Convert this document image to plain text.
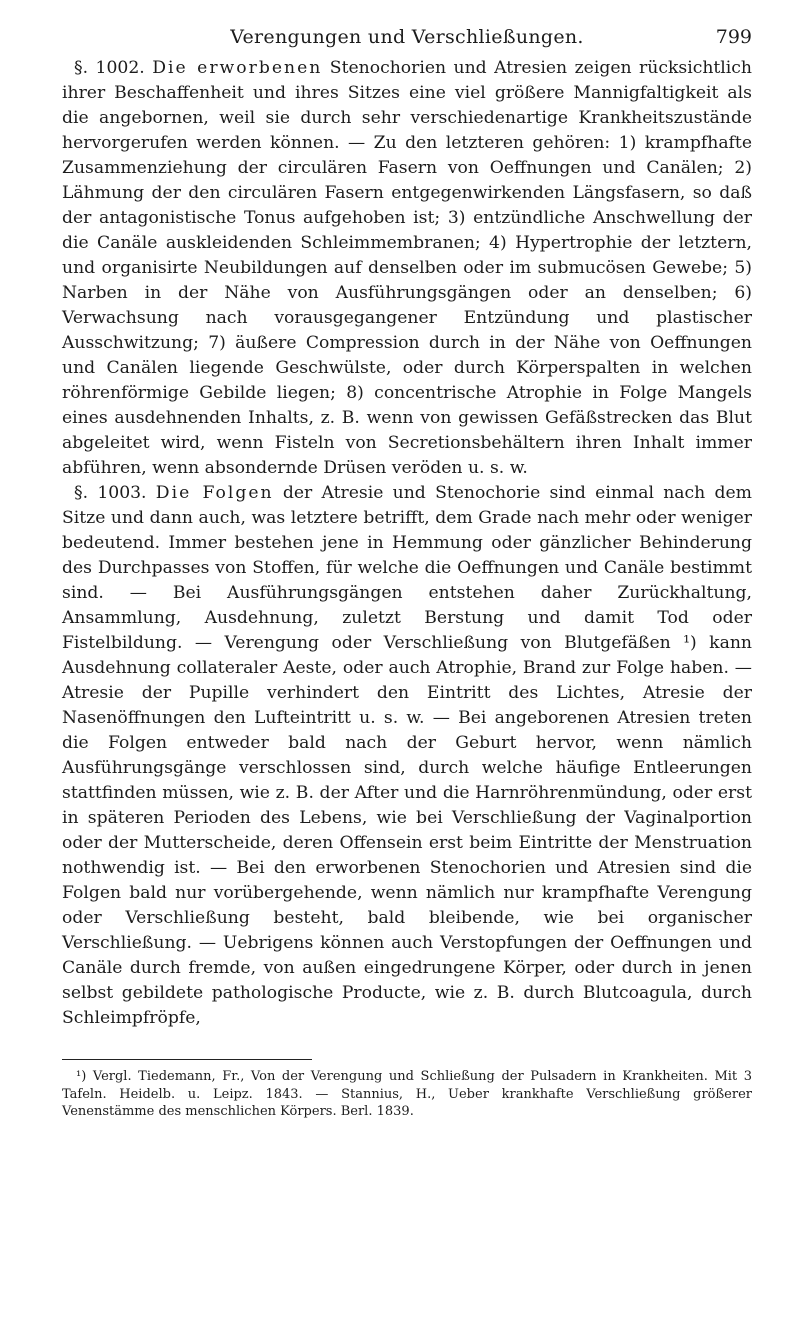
Verengungen und Verschließungen.	799

§. 1002. Die erworbenen Stenochorien und Atresien zeigen rücksichtlich ihrer Beschaffenheit und ihres Sitzes eine viel größere Mannigfaltigkeit als die angebornen, weil sie durch sehr verschiedenartige Krankheitszustände hervorgerufen werden können. — Zu den letzteren gehören: 1) krampfhafte Zusammenziehung der circulären Fasern von Oeffnungen und Canälen; 2) Lähmung der den circulären Fasern entgegenwirkenden Längsfasern, so daß der antagonistische Tonus aufgehoben ist; 3) entzündliche Anschwellung der die Canäle auskleidenden Schleimmembranen; 4) Hypertrophie der letztern, und organisirte Neubildungen auf denselben oder im submucösen Gewebe; 5) Narben in der Nähe von Ausführungsgängen oder an denselben; 6) Verwachsung nach vorausgegangener Entzündung und plastischer Ausschwitzung; 7) äußere Compression durch in der Nähe von Oeffnungen und Canälen liegende Geschwülste, oder durch Körperspalten in welchen röhrenförmige Gebilde liegen; 8) concentrische Atrophie in Folge Mangels eines ausdehnenden Inhalts, z. B. wenn von gewissen Gefäßstrecken das Blut abgeleitet wird, wenn Fisteln von Secretionsbehältern ihren Inhalt immer abführen, wenn absondernde Drüsen veröden u. s. w.

§. 1003. Die Folgen der Atresie und Stenochorie sind einmal nach dem Sitze und dann auch, was letztere betrifft, dem Grade nach mehr oder weniger bedeutend. Immer bestehen jene in Hemmung oder gänzlicher Behinderung des Durchpasses von Stoffen, für welche die Oeffnungen und Canäle bestimmt sind. — Bei Ausführungsgängen entstehen daher Zurückhaltung, Ansammlung, Ausdehnung, zuletzt Berstung und damit Tod oder Fistelbildung. — Verengung oder Verschließung von Blutgefäßen ¹) kann Ausdehnung collateraler Aeste, oder auch Atrophie, Brand zur Folge haben. — Atresie der Pupille verhindert den Eintritt des Lichtes, Atresie der Nasenöffnungen den Lufteintritt u. s. w. — Bei angeborenen Atresien treten die Folgen entweder bald nach der Geburt hervor, wenn nämlich Ausführungsgänge verschlossen sind, durch welche häufige Entleerungen stattfinden müssen, wie z. B. der After und die Harnröhrenmündung, oder erst in späteren Perioden des Lebens, wie bei Verschließung der Vaginalportion oder der Mutterscheide, deren Offensein erst beim Eintritte der Menstruation nothwendig ist. — Bei den erworbenen Stenochorien und Atresien sind die Folgen bald nur vorübergehende, wenn nämlich nur krampfhafte Verengung oder Verschließung besteht, bald bleibende, wie bei organischer Verschließung. — Uebrigens können auch Verstopfungen der Oeffnungen und Canäle durch fremde, von außen eingedrungene Körper, oder durch in jenen selbst gebildete pathologische Producte, wie z. B. durch Blutcoagula, durch Schleimpfröpfe,

¹) Vergl. Tiedemann, Fr., Von der Verengung und Schließung der Pulsadern in Krankheiten. Mit 3 Tafeln. Heidelb. u. Leipz. 1843. — Stannius, H., Ueber krankhafte Verschließung größerer Venenstämme des menschlichen Körpers. Berl. 1839.
